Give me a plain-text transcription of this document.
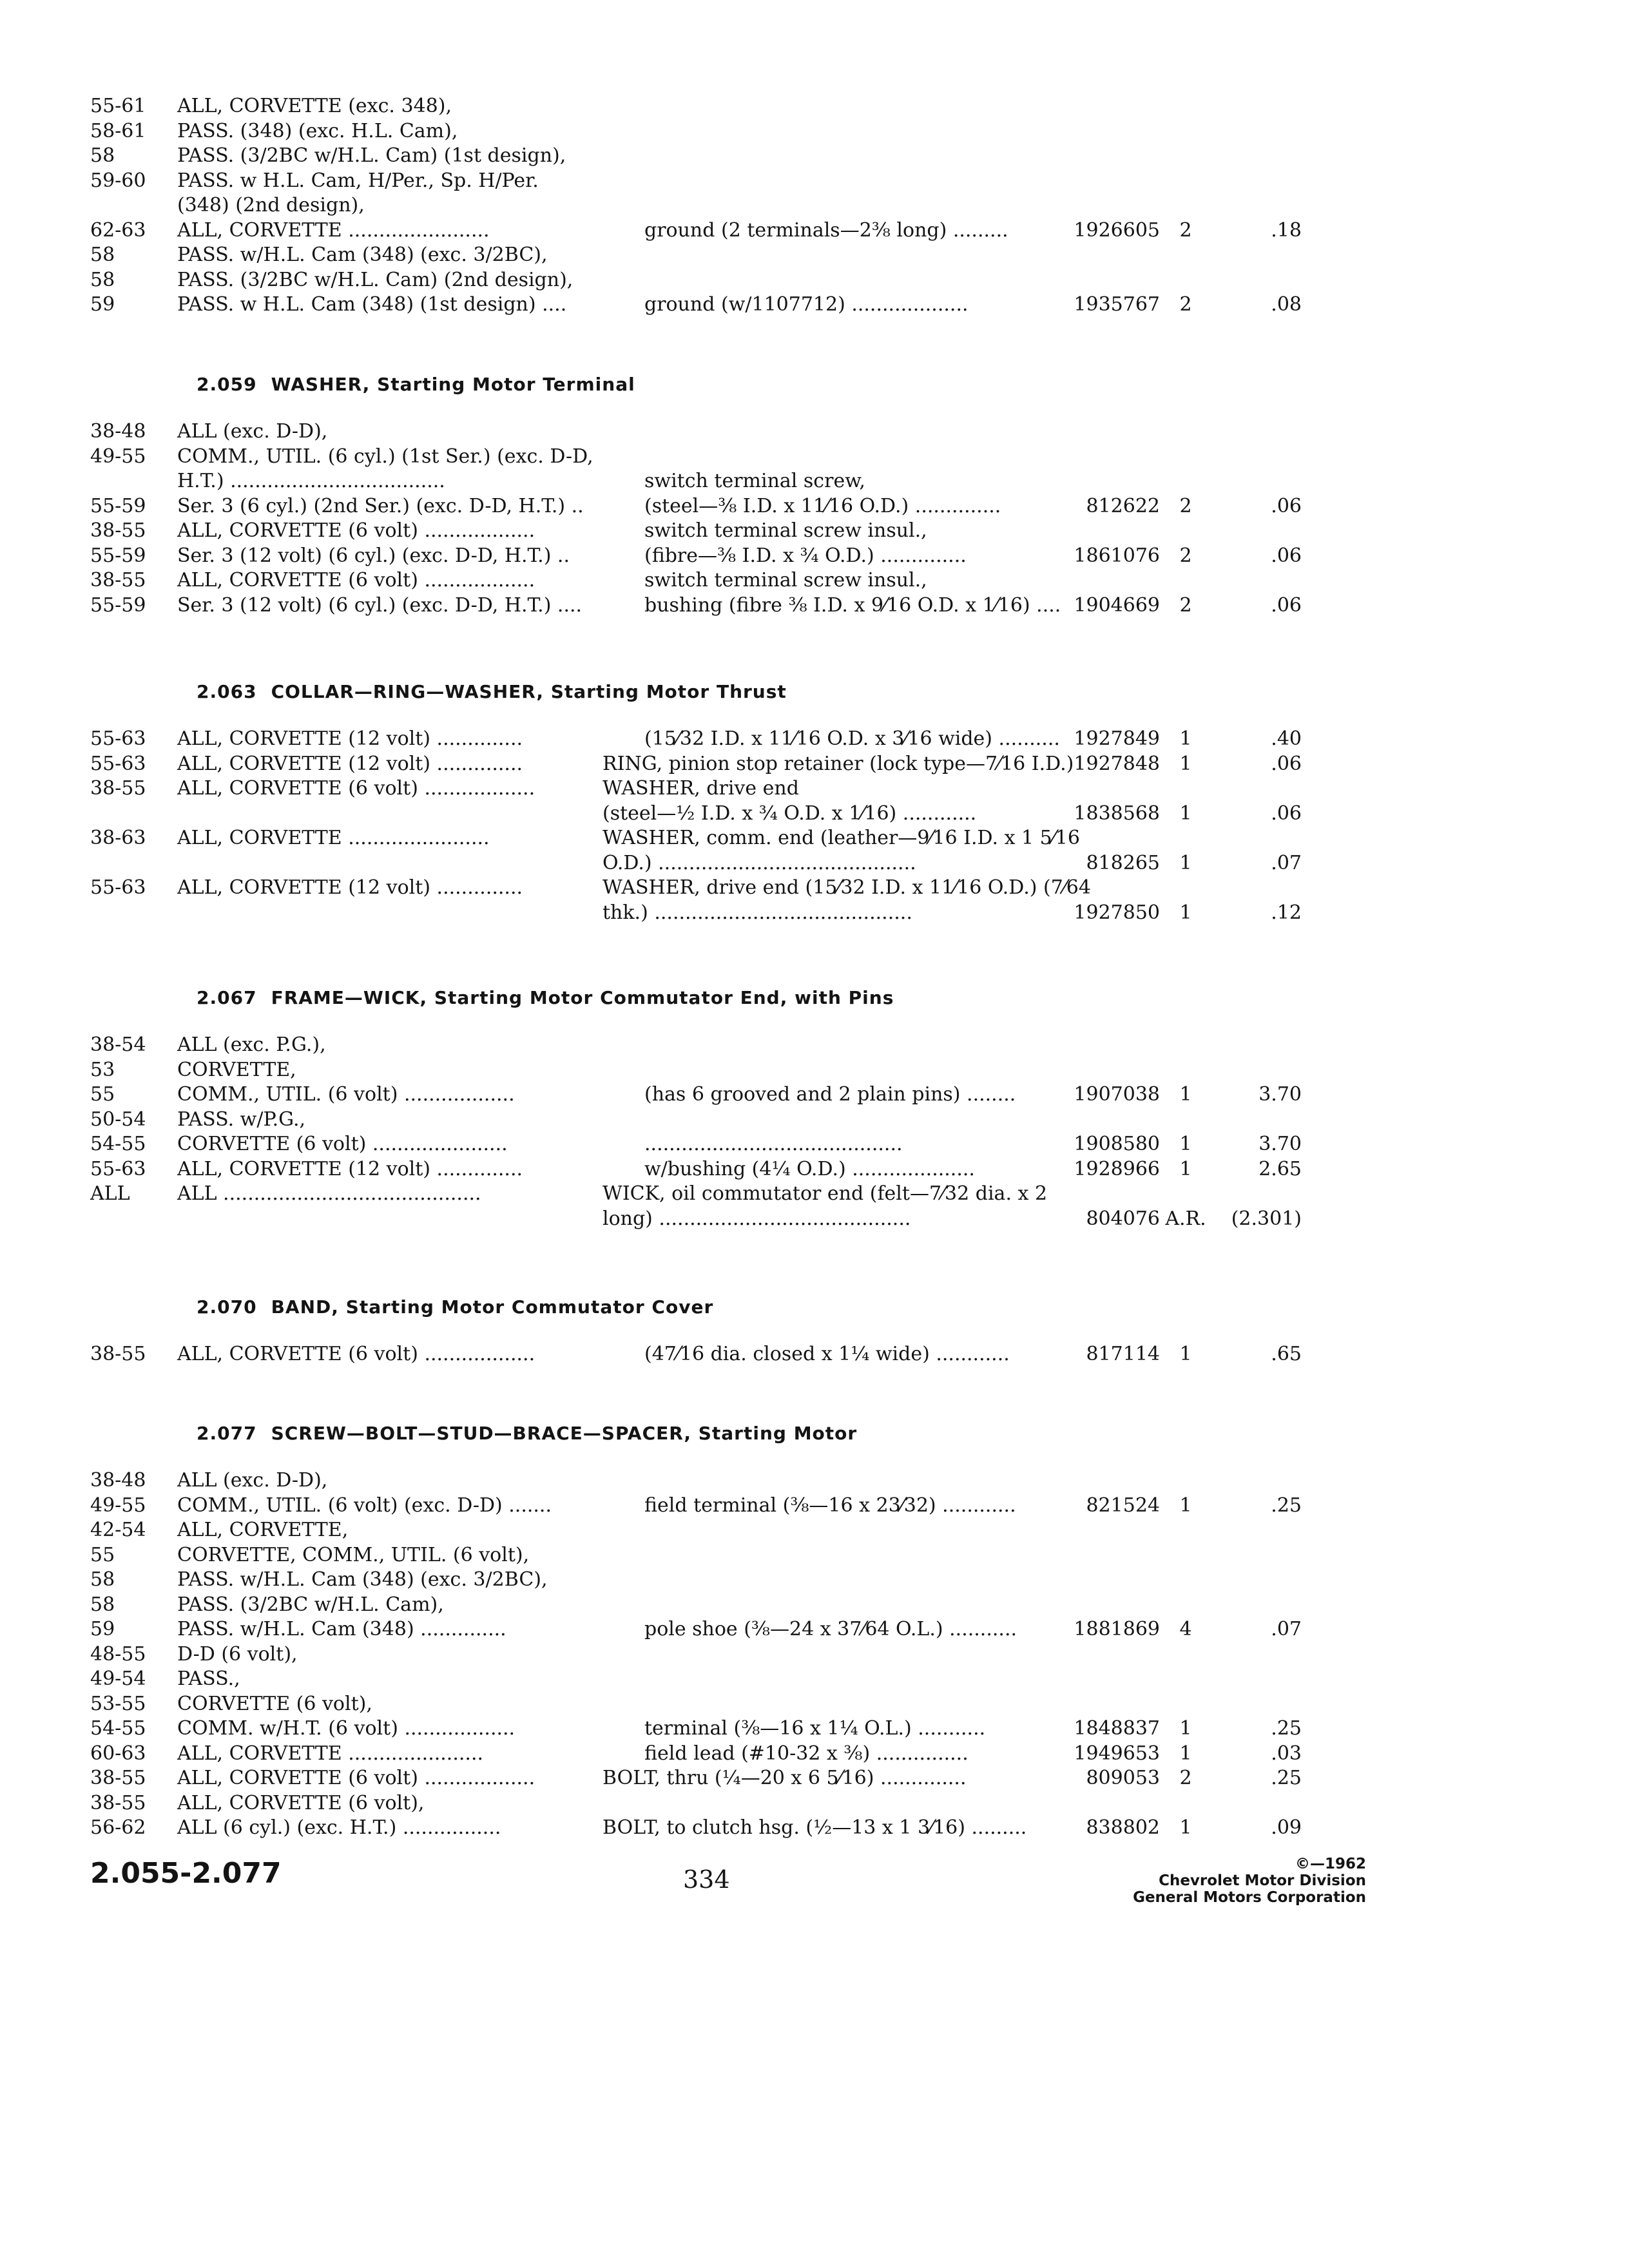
55-61 ALL, CORVETTE (exc. 348),
58-61 PASS. (348) (exc. H.L. Cam),
58	PASS. (3/2BC w/H.L. Cam) (1st design),
59-60 PASS. w H.L. Cam, H/Per., Sp. H/Per.
(348) (2nd design),
62-63 ALL, CORVETTE .......................	ground (2 terminals—2⅜ long) .........	1926605	2	.18
58	PASS. w/H.L. Cam (348) (exc. 3/2BC),
58	PASS. (3/2BC w/H.L. Cam) (2nd design),
59	PASS. w H.L. Cam (348) (1st design) ....	ground (w/1107712) ...................	1935767	2	.08
2.059 WASHER, Starting Motor Terminal
38-48 ALL (exc. D-D),
49-55 COMM., UTIL. (6 cyl.) (1st Ser.) (exc. D-D,
H.T.) ...................................	switch terminal screw,
55-59 Ser. 3 (6 cyl.) (2nd Ser.) (exc. D-D, H.T.) ..	(steel—⅜ I.D. x 11⁄16 O.D.) ..............	812622	2	.06
38-55 ALL, CORVETTE (6 volt) ..................	switch terminal screw insul.,
55-59 Ser. 3 (12 volt) (6 cyl.) (exc. D-D, H.T.) ..	(fibre—⅜ I.D. x ¾ O.D.) ..............	1861076	2	.06
38-55 ALL, CORVETTE (6 volt) ..................	switch terminal screw insul.,
55-59 Ser. 3 (12 volt) (6 cyl.) (exc. D-D, H.T.) ....	bushing (fibre ⅜ I.D. x 9⁄16 O.D. x 1⁄16) .... 1904669	2	.06
2.063 COLLAR—RING—WASHER, Starting Motor Thrust
55-63 ALL, CORVETTE (12 volt) ..............	(15⁄32 I.D. x 11⁄16 O.D. x 3⁄16 wide) .......... 1927849	1	.40
55-63 ALL, CORVETTE (12 volt) ..............	RING, pinion stop retainer (lock type—7⁄16 I.D.) 1927848	1	.06
38-55 ALL, CORVETTE (6 volt) ..................	WASHER, drive end
(steel—½ I.D. x ¾ O.D. x 1⁄16) ............	1838568	1	.06
38-63 ALL, CORVETTE .......................	WASHER, comm. end (leather—9⁄16 I.D. x 1 5⁄16
O.D.) ..........................................	818265	1	.07
55-63 ALL, CORVETTE (12 volt) ..............	WASHER, drive end (15⁄32 I.D. x 11⁄16 O.D.) (7⁄64
thk.) ..........................................	1927850	1	.12
2.067 FRAME—WICK, Starting Motor Commutator End, with Pins
38-54 ALL (exc. P.G.),
53	CORVETTE,
55	COMM., UTIL. (6 volt) ..................	(has 6 grooved and 2 plain pins) ........	1907038	1	3.70
50-54 PASS. w/P.G.,
54-55 CORVETTE (6 volt) ......................	..........................................	1908580	1	3.70
55-63 ALL, CORVETTE (12 volt) ..............	w/bushing (4¼ O.D.) ....................	1928966	1	2.65
ALL ALL ..........................................	WICK, oil commutator end (felt—7⁄32 dia. x 2
long) .........................................	804076 A.R.	(2.301)
2.070 BAND, Starting Motor Commutator Cover
38-55 ALL, CORVETTE (6 volt) ..................	(47⁄16 dia. closed x 1¼ wide) ............	817114	1	.65
2.077 SCREW—BOLT—STUD—BRACE—SPACER, Starting Motor
38-48 ALL (exc. D-D),
49-55 COMM., UTIL. (6 volt) (exc. D-D) .......	field terminal (⅜—16 x 23⁄32) ............	821524	1	.25
42-54 ALL, CORVETTE,
55	CORVETTE, COMM., UTIL. (6 volt),
58	PASS. w/H.L. Cam (348) (exc. 3/2BC),
58	PASS. (3/2BC w/H.L. Cam),
59	PASS. w/H.L. Cam (348) ..............	pole shoe (⅜—24 x 37⁄64 O.L.) ...........	1881869	4	.07
48-55 D-D (6 volt),
49-54 PASS.,
53-55 CORVETTE (6 volt),
54-55 COMM. w/H.T. (6 volt) ..................	terminal (⅜—16 x 1¼ O.L.) ...........	1848837	1	.25
60-63 ALL, CORVETTE ......................	field lead (#10-32 x ⅜) ...............	1949653	1	.03
38-55 ALL, CORVETTE (6 volt) ..................	BOLT, thru (¼—20 x 6 5⁄16) ..............	809053	2	.25
38-55 ALL, CORVETTE (6 volt),
56-62 ALL (6 cyl.) (exc. H.T.) ................	BOLT, to clutch hsg. (½—13 x 1 3⁄16) .........	838802	1	.09
2.055-2.077	334
©—1962
Chevrolet Motor Division
General Motors Corporation
